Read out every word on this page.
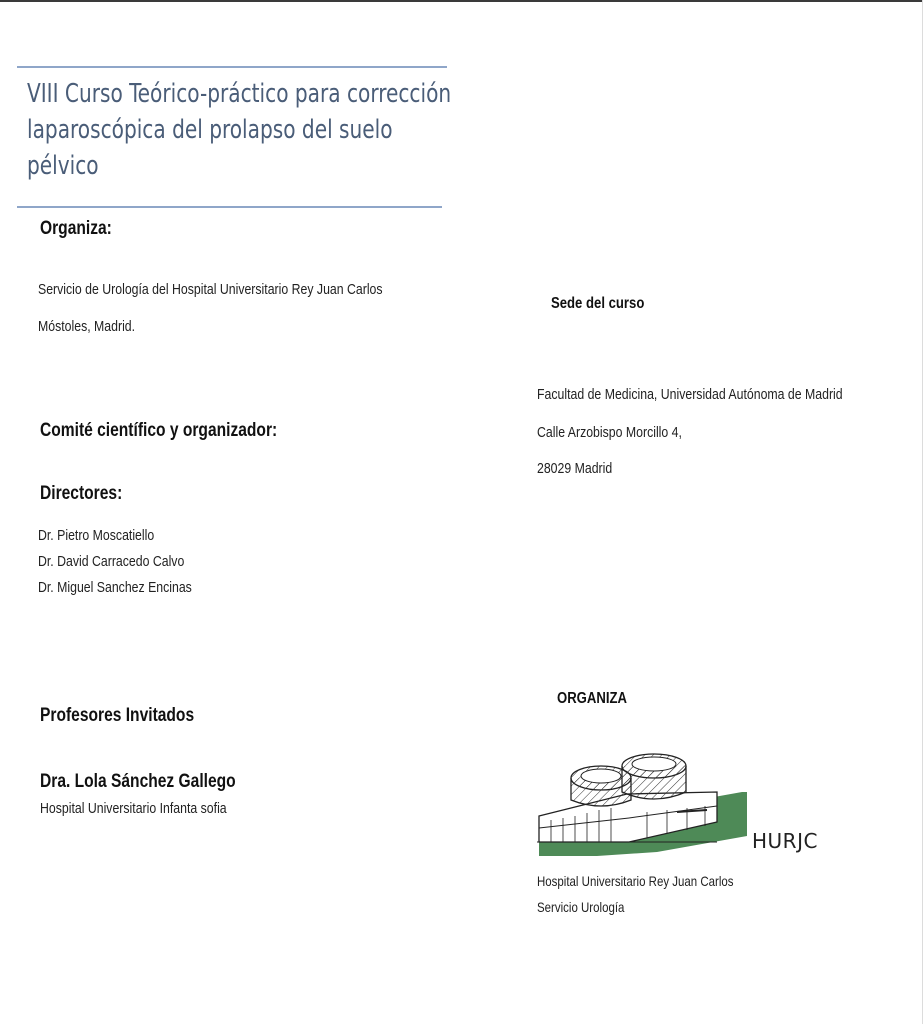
VIII Curso Teórico-práctico para corrección
laparoscópica del prolapso del suelo
pélvico
Organiza:
Servicio de Urología del Hospital Universitario Rey Juan Carlos
Móstoles, Madrid.
Comité científico y organizador:
Directores:
Dr. Pietro Moscatiello
Dr. David Carracedo Calvo
Dr. Miguel Sanchez Encinas
Profesores Invitados
Dra. Lola Sánchez Gallego
Hospital Universitario Infanta sofia
Sede del curso
Facultad de Medicina, Universidad Autónoma de Madrid
Calle Arzobispo Morcillo 4,
28029 Madrid
ORGANIZA
HURJC
Hospital Universitario Rey Juan Carlos
Servicio Urología
